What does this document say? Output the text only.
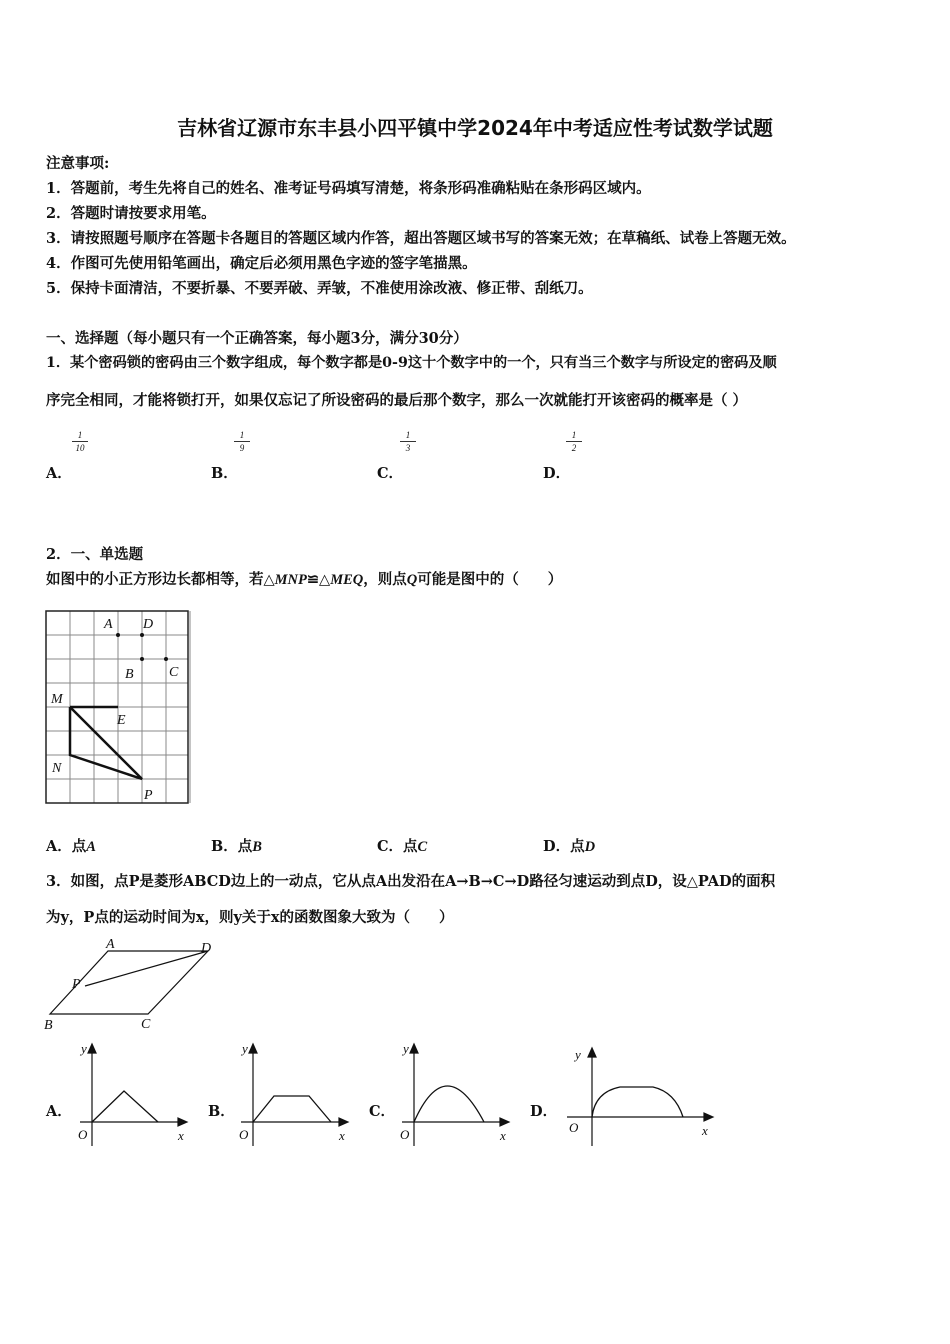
吉林省辽源市东丰县小四平镇中学2024年中考适应性考试数学试题
注意事项:
1．答题前，考生先将自己的姓名、准考证号码填写清楚，将条形码准确粘贴在条形码区域内。
2．答题时请按要求用笔。
3．请按照题号顺序在答题卡各题目的答题区域内作答，超出答题区域书写的答案无效；在草稿纸、试卷上答题无效。
4．作图可先使用铅笔画出，确定后必须用黑色字迹的签字笔描黑。
5．保持卡面清洁，不要折暴、不要弄破、弄皱，不准使用涂改液、修正带、刮纸刀。
一、选择题（每小题只有一个正确答案，每小题3分，满分30分）
1．某个密码锁的密码由三个数字组成，每个数字都是0-9这十个数字中的一个，只有当三个数字与所设定的密码及顺
序完全相同，才能将锁打开，如果仅忘记了所设密码的最后那个数字，那么一次就能打开该密码的概率是（ ）
1
10
A．
1
9
B．
1
3
C．
1
2
D．
2．一、单选题
如图中的小正方形边长都相等，若△MNP≌△MEQ，则点Q可能是图中的（　　）
A D
B	C
M
E
N
P
A．点A	B．点B	C．点C	D．点D
3．如图，点P是菱形ABCD边上的一动点，它从点A出发沿在A→B→C→D路径匀速运动到点D，设△PAD的面积
为y，P点的运动时间为x，则y关于x的函数图象大致为（　　）
A	D
P
B	C
A．
y
x
O
B．
y
x
O
C．
y
x
O
D．
y
x
O
